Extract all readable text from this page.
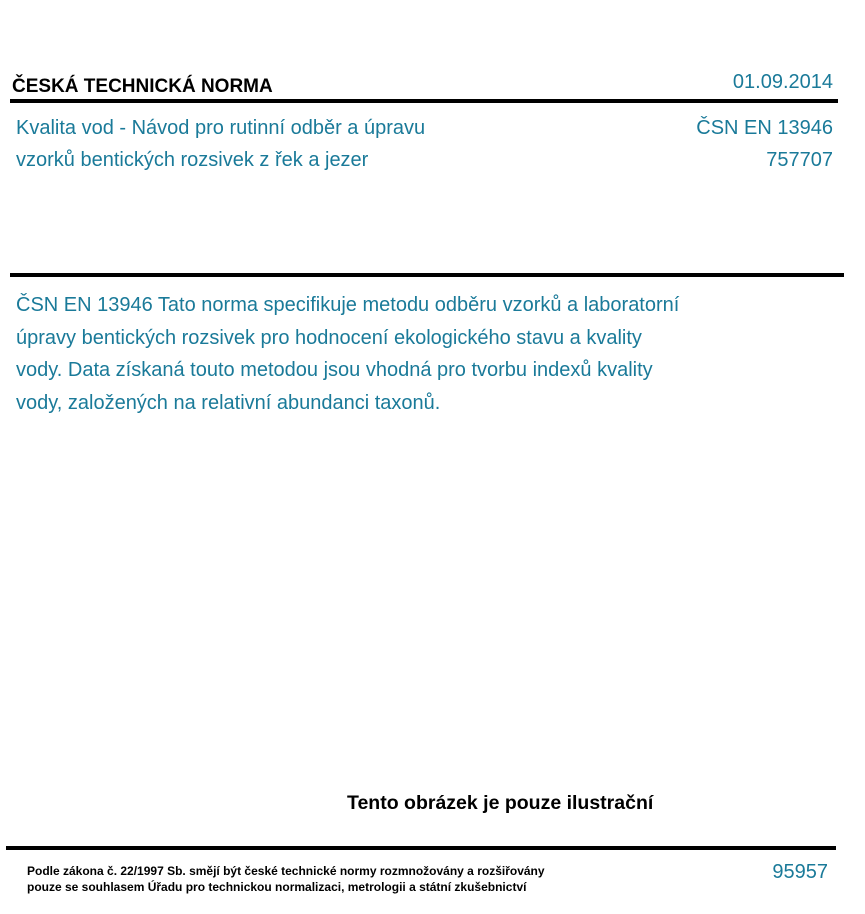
ČESKÁ TECHNICKÁ NORMA	01.09.2014
Kvalita vod - Návod pro rutinní odběr a úpravu
vzorků bentických rozsivek z řek a jezer
ČSN EN 13946
757707
ČSN EN 13946 Tato norma specifikuje metodu odběru vzorků a laboratorní
úpravy bentických rozsivek pro hodnocení ekologického stavu a kvality
vody. Data získaná touto metodou jsou vhodná pro tvorbu indexů kvality
vody, založených na relativní abundanci taxonů.
Tento obrázek je pouze ilustrační
Podle zákona č. 22/1997 Sb. smějí být české technické normy rozmnožovány a rozšiřovány
pouze se souhlasem Úřadu pro technickou normalizaci, metrologii a státní zkušebnictví
95957
